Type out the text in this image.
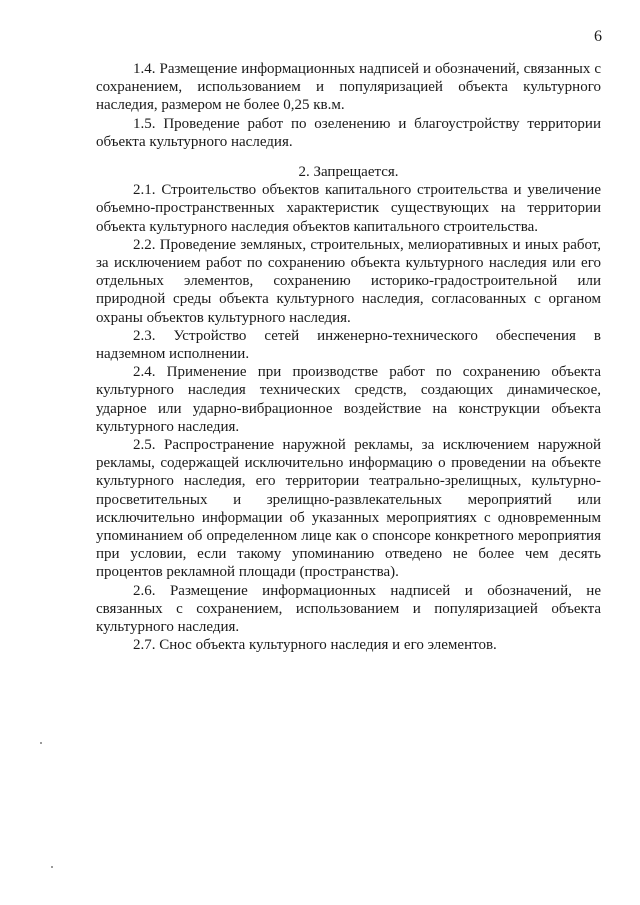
6

1.4. Размещение информационных надписей и обозначений, связанных с сохранением, использованием и популяризацией объекта культурного наследия, размером не более 0,25 кв.м.

1.5. Проведение работ по озеленению и благоустройству территории объекта культурного наследия.

2. Запрещается.

2.1. Строительство объектов капитального строительства и увеличение объемно-пространственных характеристик существующих на территории объекта культурного наследия объектов капитального строительства.

2.2. Проведение земляных, строительных, мелиоративных и иных работ, за исключением работ по сохранению объекта культурного наследия или его отдельных элементов, сохранению историко-градостроительной или природной среды объекта культурного наследия, согласованных с органом охраны объектов культурного наследия.

2.3. Устройство сетей инженерно-технического обеспечения в надземном исполнении.

2.4. Применение при производстве работ по сохранению объекта культурного наследия технических средств, создающих динамическое, ударное или ударно-вибрационное воздействие на конструкции объекта культурного наследия.

2.5. Распространение наружной рекламы, за исключением наружной рекламы, содержащей исключительно информацию о проведении на объекте культурного наследия, его территории театрально-зрелищных, культурно-просветительных и зрелищно-развлекательных мероприятий или исключительно информации об указанных мероприятиях с одновременным упоминанием об определенном лице как о спонсоре конкретного мероприятия при условии, если такому упоминанию отведено не более чем десять процентов рекламной площади (пространства).

2.6. Размещение информационных надписей и обозначений, не связанных с сохранением, использованием и популяризацией объекта культурного наследия.

2.7. Снос объекта культурного наследия и его элементов.
